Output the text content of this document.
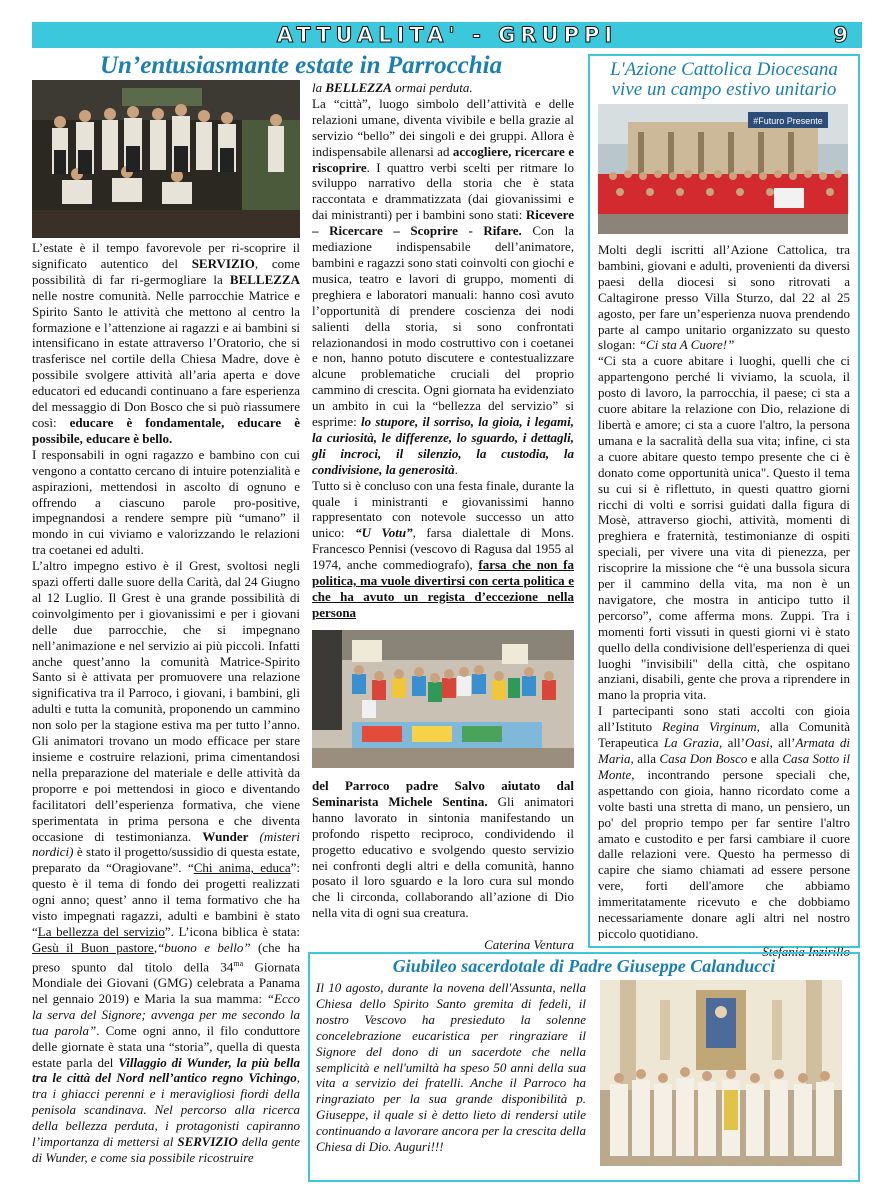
ATTUALITA' - GRUPPI	9
Un’entusiasmante estate in Parrocchia

L’estate è il tempo favorevole per ri-scoprire il significato autentico del SERVIZIO, come possibilità di far ri-germogliare la BELLEZZA nelle nostre comunità. Nelle parrocchie Matrice e Spirito Santo le attività che mettono al centro la formazione e l’attenzione ai ragazzi e ai bambini si intensificano in estate attraverso l’Oratorio, che si trasferisce nel cortile della Chiesa Madre, dove è possibile svolgere attività all’aria aperta e dove educatori ed educandi continuano a fare esperienza del messaggio di Don Bosco che si può riassumere così: educare è fondamentale, educare è possibile, educare è bello.

I responsabili in ogni ragazzo e bambino con cui vengono a contatto cercano di intuire potenzialità e aspirazioni, mettendosi in ascolto di ognuno e offrendo a ciascuno parole pro-positive, impegnandosi a rendere sempre più “umano” il mondo in cui viviamo e valorizzando le relazioni tra coetanei ed adulti.

L’altro impegno estivo è il Grest, svoltosi negli spazi offerti dalle suore della Carità, dal 24 Giugno al 12 Luglio. Il Grest è una grande possibilità di coinvolgimento per i giovanissimi e per i giovani delle due parrocchie, che si impegnano nell’animazione e nel servizio ai più piccoli. Infatti anche quest’anno la comunità Matrice-Spirito Santo si è attivata per promuovere una relazione significativa tra il Parroco, i giovani, i bambini, gli adulti e tutta la comunità, proponendo un cammino non solo per la stagione estiva ma per tutto l’anno. Gli animatori trovano un modo efficace per stare insieme e costruire relazioni, prima cimentandosi nella preparazione del materiale e delle attività da proporre e poi mettendosi in gioco e diventando facilitatori dell’esperienza formativa, che viene sperimentata in prima persona e che diventa occasione di testimonianza. Wunder (misteri nordici) è stato il progetto/sussidio di questa estate, preparato da “Oragiovane”. “Chi anima, educa”: questo è il tema di fondo dei progetti realizzati ogni anno; quest’ anno il tema formativo che ha visto impegnati ragazzi, adulti e bambini è stato “La bellezza del servizio”. L’icona biblica è stata: Gesù il Buon pastore,“buono e bello” (che ha preso spunto dal titolo della $34^{ma}$ Giornata Mondiale dei Giovani (GMG) celebrata a Panama nel gennaio 2019) e Maria la sua mamma: “Ecco la serva del Signore; avvenga per me secondo la tua parola”. Come ogni anno, il filo conduttore delle giornate è stata una “storia”, quella di questa estate parla del Villaggio di Wunder, la più bella tra le città del Nord nell’antico regno Vichingo, tra i ghiacci perenni e i meravigliosi fiordi della penisola scandinava. Nel percorso alla ricerca della bellezza perduta, i protagonisti capiranno l’importanza di mettersi al SERVIZIO della gente di Wunder, e come sia possibile ricostruire

la BELLEZZA ormai perduta.

La “città”, luogo simbolo dell’attività e delle relazioni umane, diventa vivibile e bella grazie al servizio “bello” dei singoli e dei gruppi. Allora è indispensabile allenarsi ad accogliere, ricercare e riscoprire. I quattro verbi scelti per ritmare lo sviluppo narrativo della storia che è stata raccontata e drammatizzata (dai giovanissimi e dai ministranti) per i bambini sono stati: Ricevere – Ricercare – Scoprire - Rifare. Con la mediazione indispensabile dell’animatore, bambini e ragazzi sono stati coinvolti con giochi e musica, teatro e lavori di gruppo, momenti di preghiera e laboratori manuali: hanno così avuto l’opportunità di prendere coscienza dei nodi salienti della storia, si sono confrontati relazionandosi in modo costruttivo con i coetanei e non, hanno potuto discutere e contestualizzare alcune problematiche cruciali del proprio cammino di crescita. Ogni giornata ha evidenziato un ambito in cui la “bellezza del servizio” si esprime: lo stupore, il sorriso, la gioia, i legami, la curiosità, le differenze, lo sguardo, i dettagli, gli incroci, il silenzio, la custodia, la condivisione, la generosità.

Tutto si è concluso con una festa finale, durante la quale i ministranti e giovanissimi hanno rappresentato con notevole successo un atto unico: “U Votu”, farsa dialettale di Mons. Francesco Pennisi (vescovo di Ragusa dal 1955 al 1974, anche commediografo), farsa che non fa politica, ma vuole divertirsi con certa politica e che ha avuto un regista d’eccezione nella persona

del Parroco padre Salvo aiutato dal Seminarista Michele Sentina. Gli animatori hanno lavorato in sintonia manifestando un profondo rispetto reciproco, condividendo il progetto educativo e svolgendo questo servizio nei confronti degli altri e della comunità, hanno posato il loro sguardo e la loro cura sul mondo che li circonda, collaborando all’azione di Dio nella vita di ogni sua creatura.

Caterina Ventura

L'Azione Cattolica Diocesana
vive un campo estivo unitario
#Futuro Presente

Molti degli iscritti all’Azione Cattolica, tra bambini, giovani e adulti, provenienti da diversi paesi della diocesi si sono ritrovati a Caltagirone presso Villa Sturzo, dal 22 al 25 agosto, per fare un’esperienza nuova prendendo parte al campo unitario organizzato su questo slogan: “Ci sta A Cuore!”

“Ci sta a cuore abitare i luoghi, quelli che ci appartengono perché li viviamo, la scuola, il posto di lavoro, la parrocchia, il paese; ci sta a cuore abitare la relazione con Dio, relazione di libertà e amore; ci sta a cuore l'altro, la persona umana e la sacralità della sua vita; infine, ci sta a cuore abitare questo tempo presente che ci è donato come opportunità unica". Questo il tema su cui si è riflettuto, in questi quattro giorni ricchi di volti e sorrisi guidati dalla figura di Mosè, attraverso giochi, attività, momenti di preghiera e fraternità, testimonianze di ospiti speciali, per vivere una vita di pienezza, per riscoprire la missione che “è una bussola sicura per il cammino della vita, ma non è un navigatore, che mostra in anticipo tutto il percorso”, come afferma mons. Zuppi. Tra i momenti forti vissuti in questi giorni vi è stato quello della condivisione dell'esperienza di quei luoghi "invisibili" della città, che ospitano anziani, disabili, gente che prova a riprendere in mano la propria vita.

I partecipanti sono stati accolti con gioia all’Istituto Regina Virginum, alla Comunità Terapeutica La Grazia, all’Oasi, all’Armata di Maria, alla Casa Don Bosco e alla Casa Sotto il Monte, incontrando persone speciali che, aspettando con gioia, hanno ricordato come a volte basti una stretta di mano, un pensiero, un po' del proprio tempo per far sentire l'altro amato e custodito e per farsi cambiare il cuore dalle relazioni vere. Questo ha permesso di capire che siamo chiamati ad essere persone vere, forti dell'amore che abbiamo immeritatamente ricevuto e che dobbiamo necessariamente donare agli altri nel nostro piccolo quotidiano.

Stefania Inzirillo

Giubileo sacerdotale di Padre Giuseppe Calanducci

Il 10 agosto, durante la novena dell'Assunta, nella Chiesa dello Spirito Santo gremita di fedeli, il nostro Vescovo ha presieduto la solenne concelebrazione eucaristica per ringraziare il Signore del dono di un sacerdote che nella semplicità e nell'umiltà ha speso 50 anni della sua vita a servizio dei fratelli. Anche il Parroco ha ringraziato per la sua grande disponibilità p. Giuseppe, il quale si è detto lieto di rendersi utile continuando a lavorare ancora per la crescita della Chiesa di Dio. Auguri!!!
